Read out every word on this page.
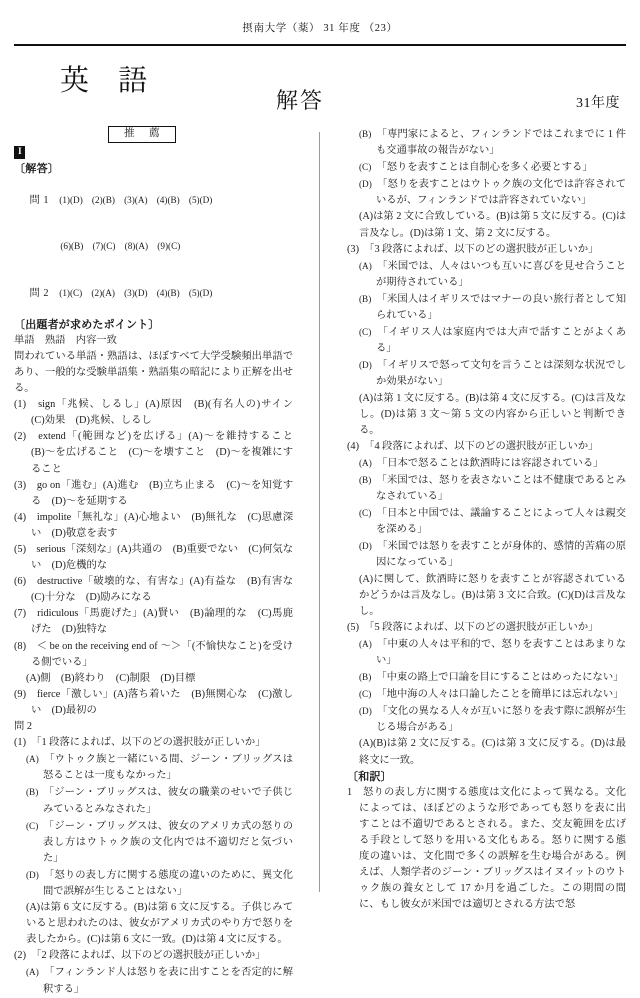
摂南大学（薬） 31 年度 （23）
英 語
解答	31年度
推 薦
I
〔解答〕

問 1　 (1)(D)　(2)(B)　(3)(A)　(4)(B)　(5)(D)

　　　(6)(B)　(7)(C)　(8)(A)　(9)(C)

問 2　 (1)(C)　(2)(A)　(3)(D)　(4)(B)　(5)(D)

〔出題者が求めたポイント〕

単語　熟語　内容一致

問われている単語・熟語は、ほぼすべて大学受験頻出単語であり、一般的な受験単語集・熟語集の暗記により正解を出せる。

(1)　 sign「兆候、しるし」(A)原因　(B)(有名人の)サイン　(C)効果　(D)兆候、しるし

(2)　 extend「(範囲など)を広げる」(A)〜を維持すること　(B)〜を広げること　(C)〜を壊すこと　(D)〜を複雑にすること

(3)　 go on「進む」(A)進む　(B)立ち止まる　(C)〜を知覚する　(D)〜を延期する

(4)　 impolite「無礼な」(A)心地よい　(B)無礼な　(C)思慮深い　(D)敬意を表す

(5)　 serious「深刻な」(A)共通の　(B)重要でない　(C)何気ない　(D)危機的な

(6)　 destructive「破壊的な、有害な」(A)有益な　(B)有害な　(C)十分な　(D)励みになる

(7)　 ridiculous「馬鹿げた」(A)賢い　(B)論理的な　(C)馬鹿げた　(D)独特な

(8)　 ＜ be on the receiving end of 〜＞「(不愉快なこと)を受ける側でいる」

(A)側　(B)終わり　(C)制限　(D)目標

(9)　 fierce「激しい」(A)落ち着いた　(B)無関心な　(C)激しい　(D)最初の

問 2

(1)　 「1 段落によれば、以下のどの選択肢が正しいか」

(A)　 「ウトゥク族と一緒にいる間、ジーン・ブリッグスは怒ることは一度もなかった」

(B)　 「ジーン・ブリッグスは、彼女の職業のせいで子供じみているとみなされた」

(C)　 「ジーン・ブリッグスは、彼女のアメリカ式の怒りの表し方はウトゥク族の文化内では不適切だと気づいた」

(D)　 「怒りの表し方に関する態度の違いのために、異文化間で誤解が生じることはない」

(A)は第 6 文に反する。(B)は第 6 文に反する。子供じみていると思われたのは、彼女がアメリカ式のやり方で怒りを表したから。(C)は第 6 文に一致。(D)は第 4 文に反する。

(2)　 「2 段落によれば、以下のどの選択肢が正しいか」

(A)　 「フィンランド人は怒りを表に出すことを否定的に解釈する」

(B)　 「専門家によると、フィンランドではこれまでに 1 件も交通事故の報告がない」

(C)　 「怒りを表すことは自制心を多く必要とする」

(D)　 「怒りを表すことはウトゥク族の文化では許容されているが、フィンランドでは許容されていない」

(A)は第 2 文に合致している。(B)は第 5 文に反する。(C)は言及なし。(D)は第 1 文、第 2 文に反する。

(3)　 「3 段落によれば、以下のどの選択肢が正しいか」

(A)　 「米国では、人々はいつも互いに喜びを見せ合うことが期待されている」

(B)　 「米国人はイギリスではマナーの良い旅行者として知られている」

(C)　 「イギリス人は家庭内では大声で話すことがよくある」

(D)　 「イギリスで怒って文句を言うことは深刻な状況でしか効果がない」

(A)は第 1 文に反する。(B)は第 4 文に反する。(C)は言及なし。(D)は第 3 文〜第 5 文の内容から正しいと判断できる。

(4)　 「4 段落によれば、以下のどの選択肢が正しいか」

(A)　 「日本で怒ることは飲酒時には容認されている」

(B)　 「米国では、怒りを表さないことは不健康であるとみなされている」

(C)　 「日本と中国では、議論することによって人々は親交を深める」

(D)　 「米国では怒りを表すことが身体的、感情的苦痛の原因になっている」

(A)に関して、飲酒時に怒りを表すことが容認されているかどうかは言及なし。(B)は第 3 文に合致。(C)(D)は言及なし。

(5)　 「5 段落によれば、以下のどの選択肢が正しいか」

(A)　 「中東の人々は平和的で、怒りを表すことはあまりない」

(B)　 「中東の路上で口論を目にすることはめったにない」

(C)　 「地中海の人々は口論したことを簡単には忘れない」

(D)　 「文化の異なる人々が互いに怒りを表す際に誤解が生じる場合がある」

(A)(B)は第 2 文に反する。(C)は第 3 文に反する。(D)は最終文に一致。

〔和訳〕

1　 怒りの表し方に関する態度は文化によって異なる。文化によっては、ほぼどのような形であっても怒りを表に出すことは不適切であるとされる。また、交友範囲を広げる手段として怒りを用いる文化もある。怒りに関する態度の違いは、文化間で多くの誤解を生む場合がある。例えば、人類学者のジーン・ブリッグスはイヌイットのウトゥク族の養女として 17 か月を過ごした。この期間の間に、もし彼女が米国では適切とされる方法で怒
